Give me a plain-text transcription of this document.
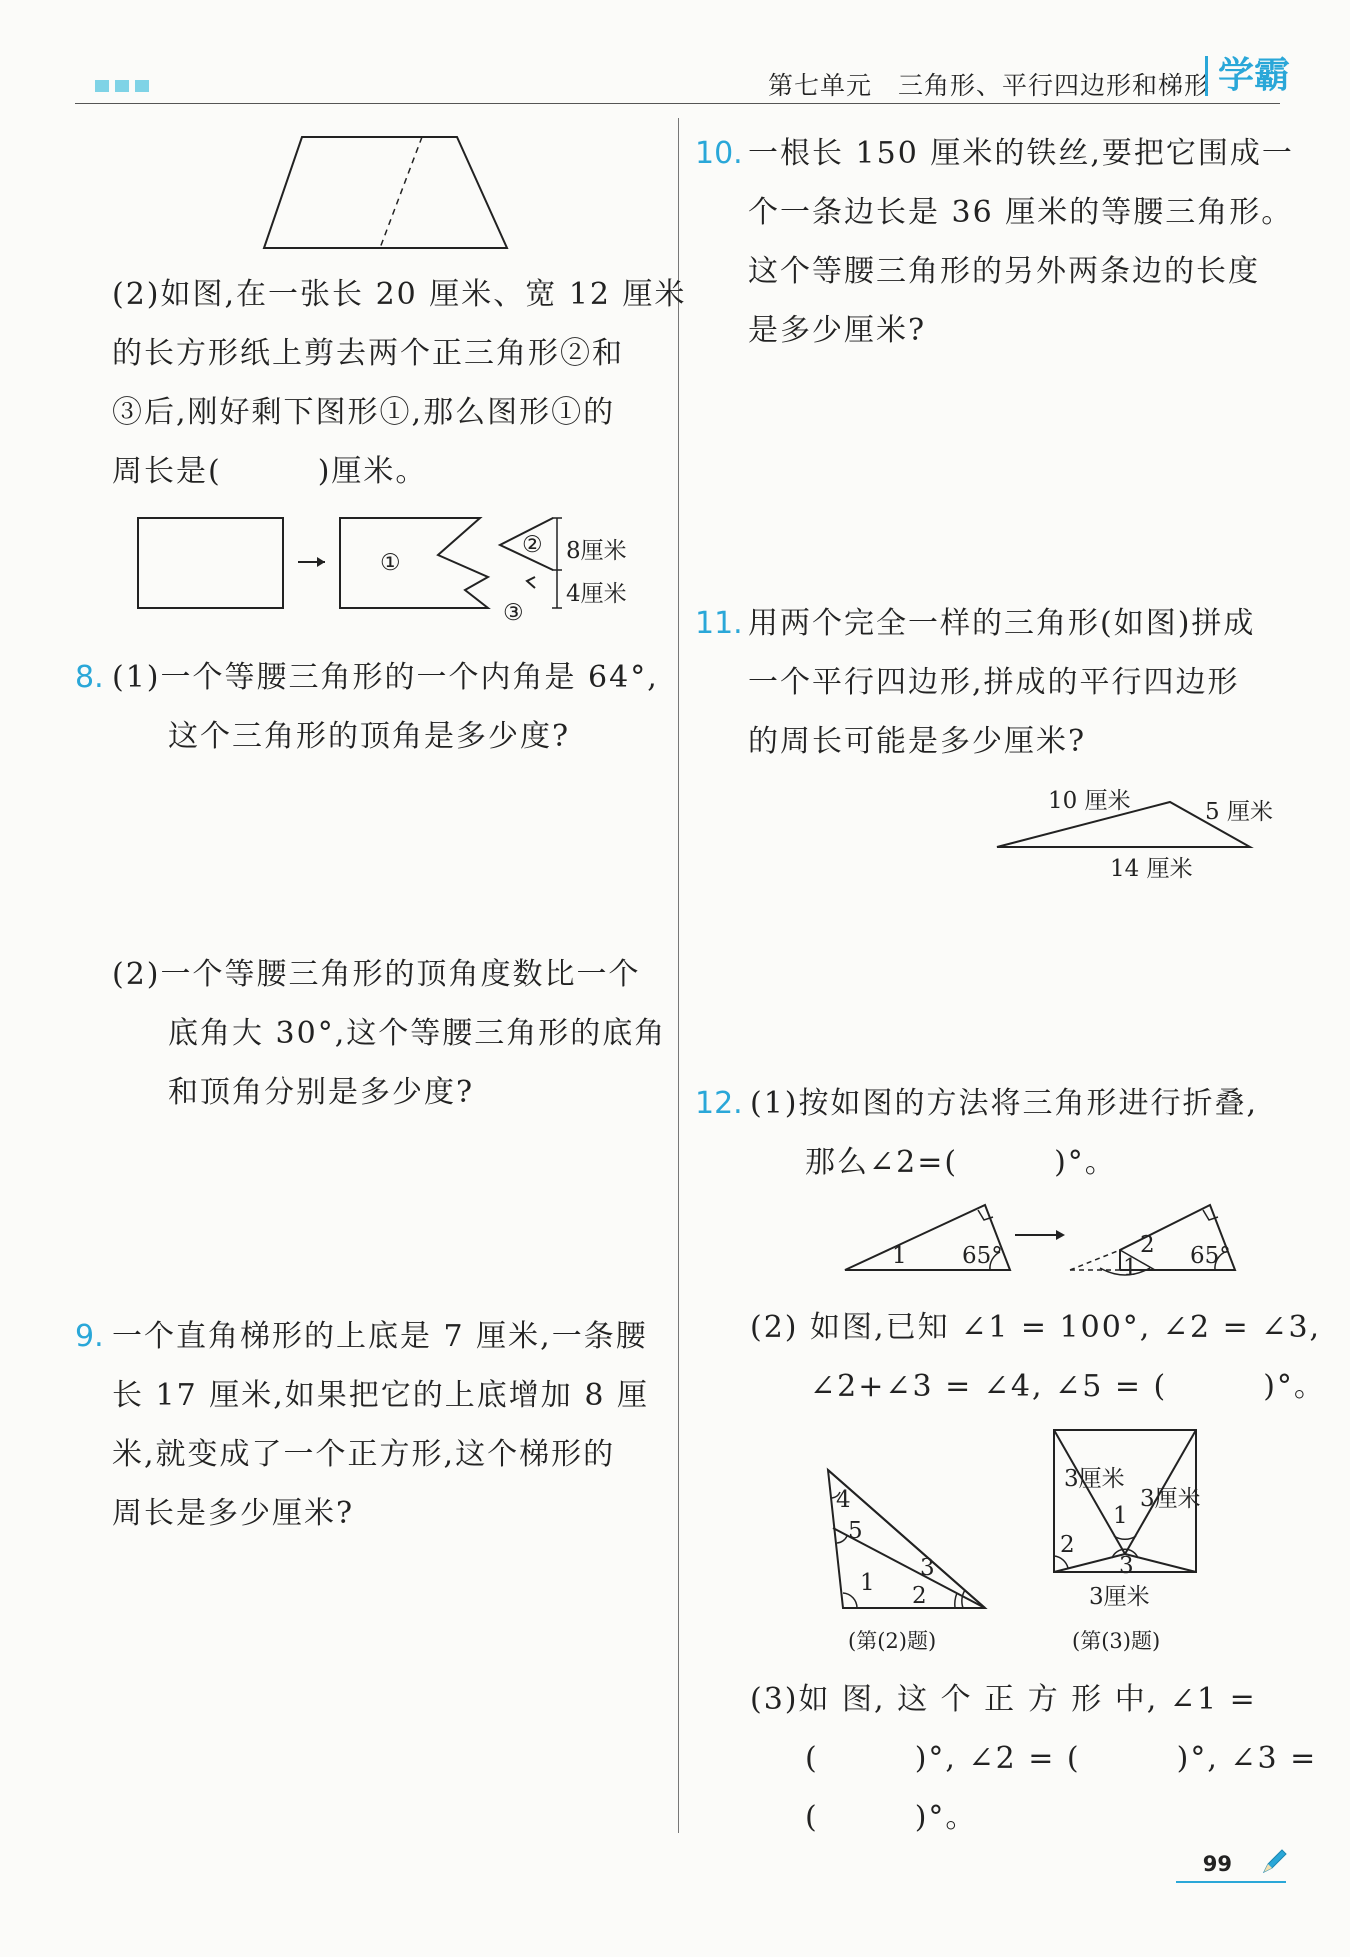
第七单元 三角形、平行四边形和梯形 学霸
(2)如图,在一张长 20 厘米、宽 12 厘米
的长方形纸上剪去两个正三角形②和
③后,刚好剩下图形①,那么图形①的
周长是(　　　)厘米。
①
②
③
8厘米
4厘米
8. (1)一个等腰三角形的一个内角是 64°,
这个三角形的顶角是多少度?
(2)一个等腰三角形的顶角度数比一个
底角大 30°,这个等腰三角形的底角
和顶角分别是多少度?
9. 一个直角梯形的上底是 7 厘米,一条腰
长 17 厘米,如果把它的上底增加 8 厘
米,就变成了一个正方形,这个梯形的
周长是多少厘米?
10. 一根长 150 厘米的铁丝,要把它围成一
个一条边长是 36 厘米的等腰三角形。
这个等腰三角形的另外两条边的长度
是多少厘米?
11. 用两个完全一样的三角形(如图)拼成
一个平行四边形,拼成的平行四边形
的周长可能是多少厘米?
10 厘米	5 厘米
14 厘米
12. (1)按如图的方法将三角形进行折叠,
那么∠2=(　　　)°。
1 65°	2
1 65°
(2) 如图,已知 ∠1 = 100°, ∠2 = ∠3,
∠2+∠3 = ∠4, ∠5 = (　　　)°。
4
5
1 2
3
(第(2)题)
3厘米
3厘米
1
2
3
3厘米
(第(3)题)
(3)如 图, 这 个 正 方 形 中, ∠1 =
(　　　)°, ∠2 = (　　　)°, ∠3 =
(　　　)°。
99
